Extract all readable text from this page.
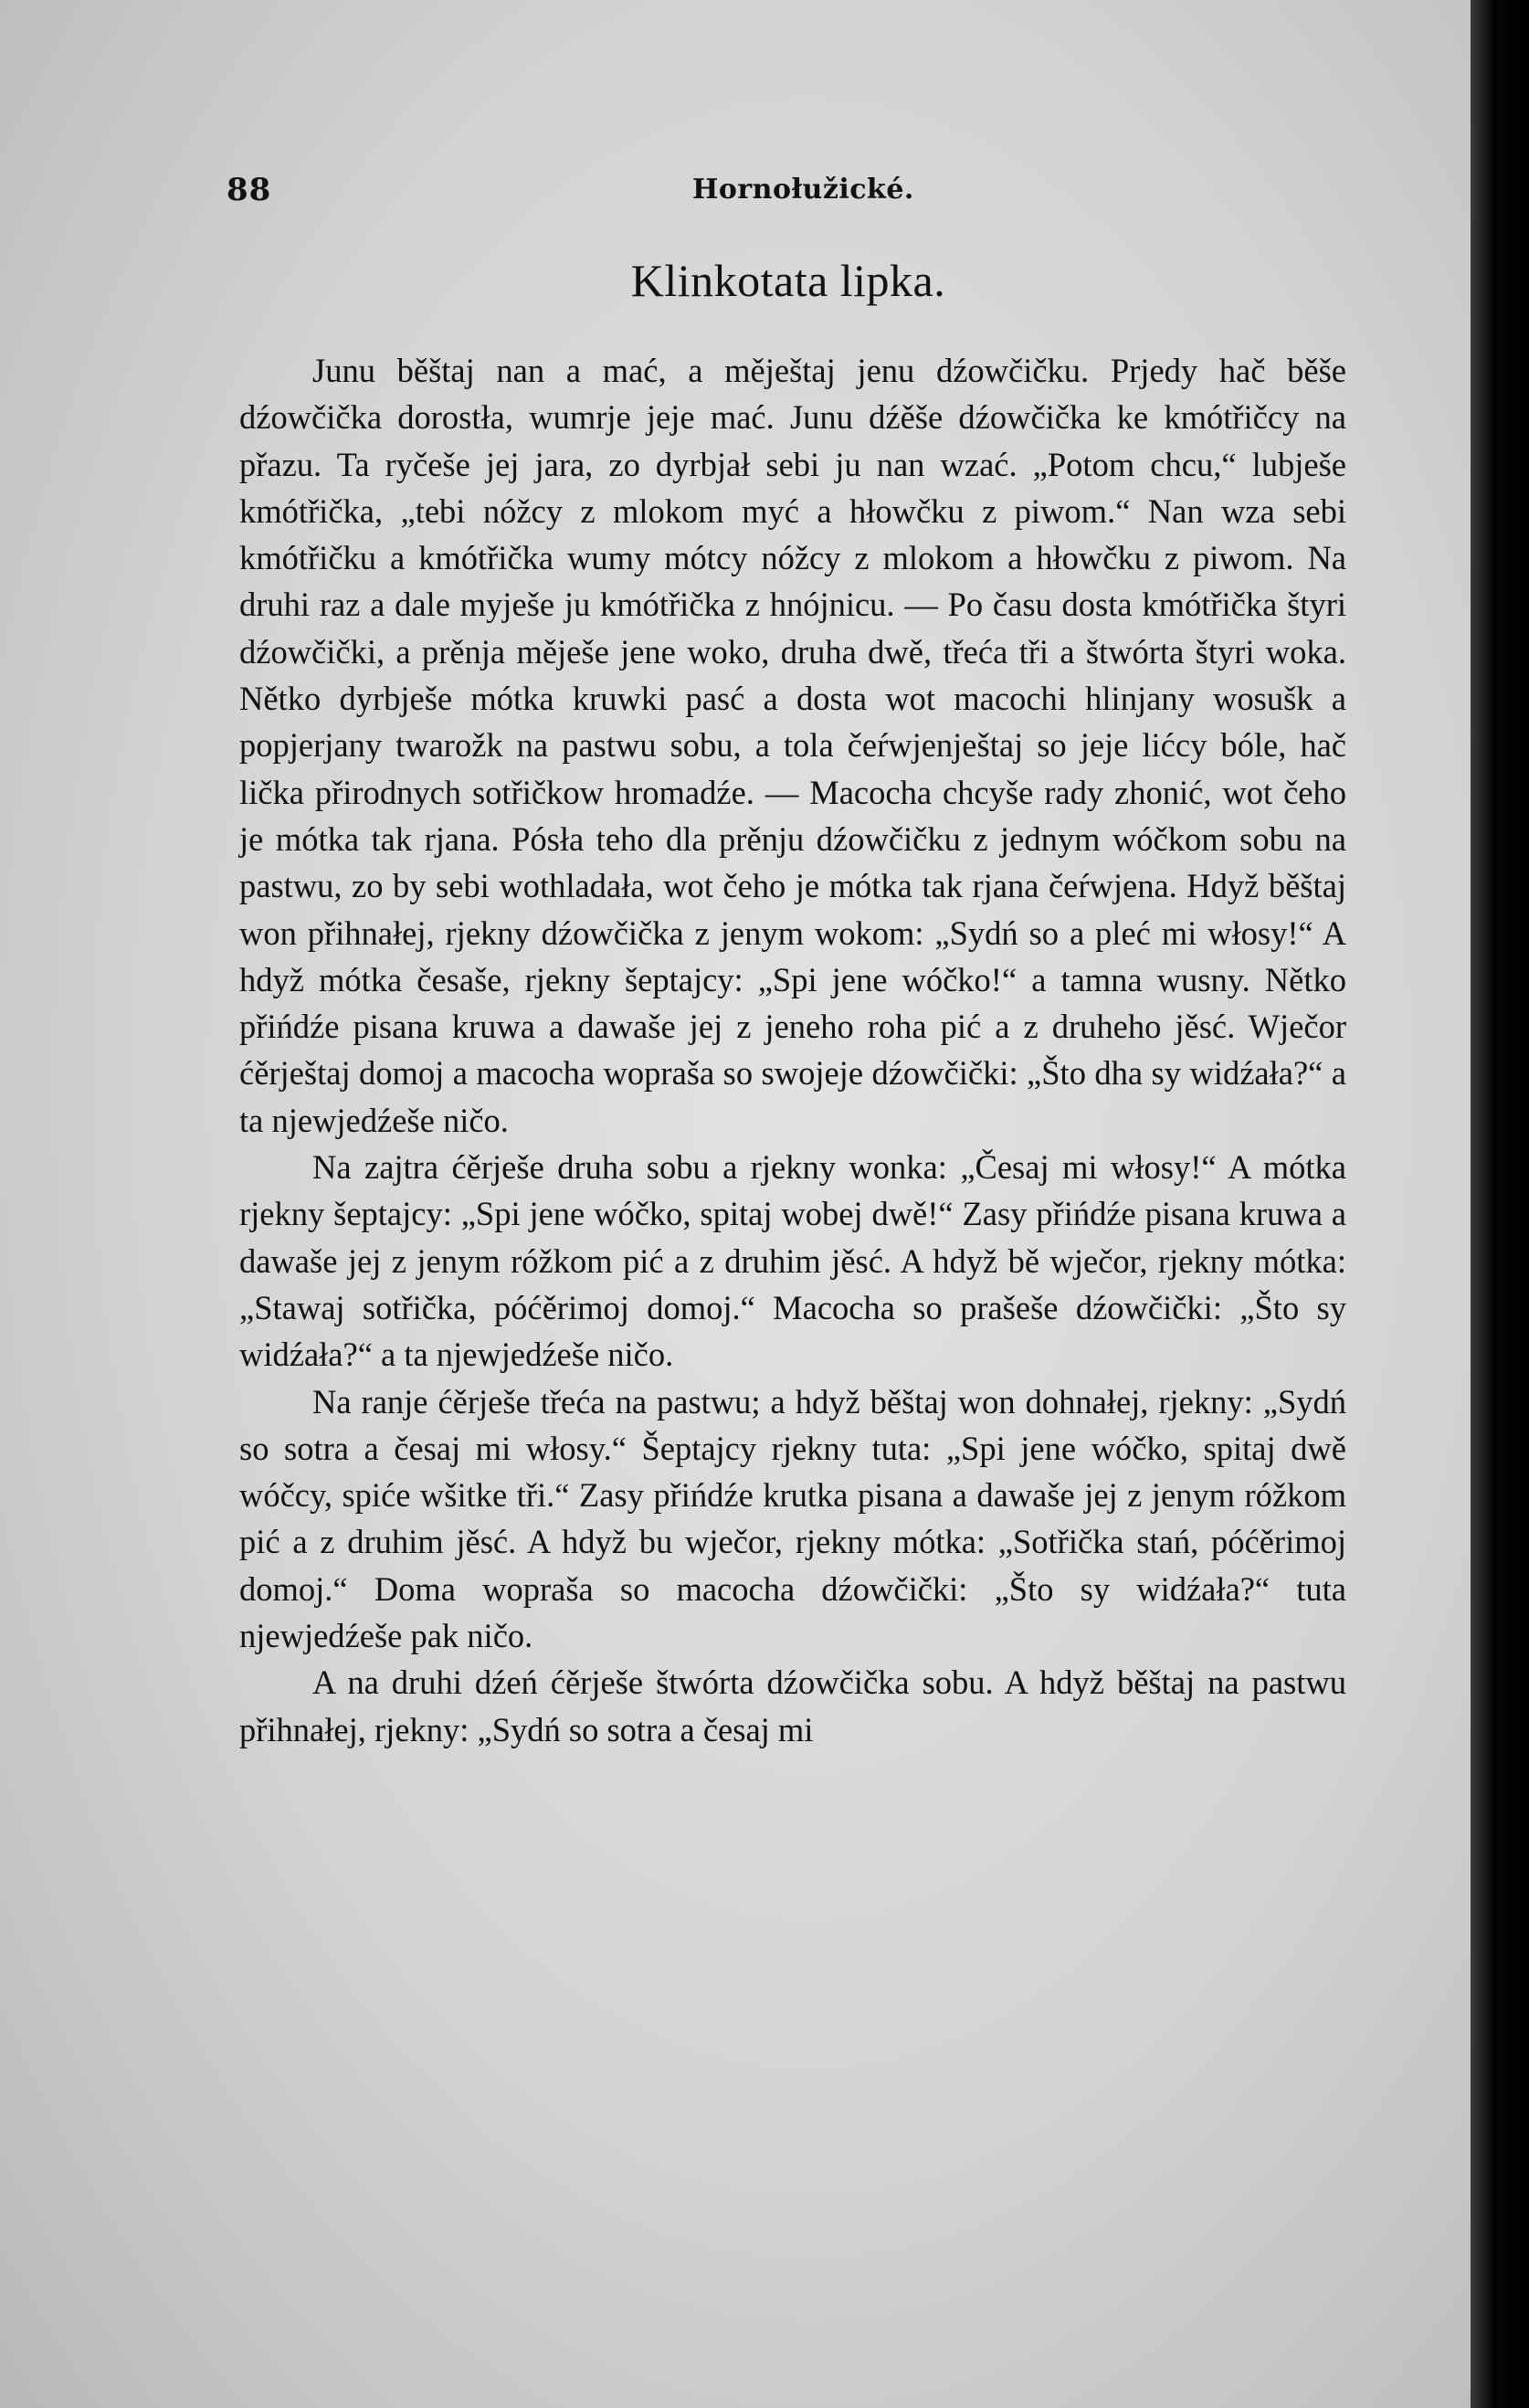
88	Hornołužické.
Klinkotata lipka.

Junu běštaj nan a mać, a měještaj jenu dźowčičku. Prjedy hač běše dźowčička dorostła, wumrje jeje mać. Junu dźěše dźowčička ke kmótřičcy na přazu. Ta ryčeše jej jara, zo dyrbjał sebi ju nan wzać. „Potom chcu,“ lubješe kmótřička, „tebi nóžcy z mlokom myć a hłowčku z piwom.“ Nan wza sebi kmótřičku a kmótřička wumy mótcy nóžcy z mlokom a hłowčku z piwom. Na druhi raz a dale myješe ju kmótřička z hnójnicu. — Po času dosta kmótřička štyri dźowčički, a prěnja měješe jene woko, druha dwě, třeća tři a štwórta štyri woka. Nětko dyrbješe mótka kruwki pasć a dosta wot macochi hlinjany wosušk a popjerjany twarožk na pastwu sobu, a tola čeŕwjenještaj so jeje lićcy bóle, hač lička přirodnych sotřičkow hromadźe. — Macocha chcyše rady zhonić, wot čeho je mótka tak rjana. Pósła teho dla prěnju dźowčičku z jednym wóčkom sobu na pastwu, zo by sebi wothladała, wot čeho je mótka tak rjana čeŕwjena. Hdyž běštaj won přihnałej, rjekny dźowčička z jenym wokom: „Sydń so a pleć mi włosy!“ A hdyž mótka česaše, rjekny šeptajcy: „Spi jene wóčko!“ a tamna wusny. Nětko přińdźe pisana kruwa a dawaše jej z jeneho roha pić a z druheho jěsć. Wječor ćěrještaj domoj a macocha woprašа so swojeje dźowčički: „Što dha sy widźała?“ a ta njewjedźeše ničo.

Na zajtra ćěrješe druha sobu a rjekny wonka: „Česaj mi włosy!“ A mótka rjekny šeptajcy: „Spi jene wóčko, spitaj wobej dwě!“ Zasy přińdźe pisana kruwa a dawaše jej z jenym róžkom pić a z druhim jěsć. A hdyž bě wječor, rjekny mótka: „Stawaj sotřička, póćěrimoj domoj.“ Macocha so prašeše dźowčički: „Što sy widźała?“ a ta njewjedźeše ničo.

Na ranje ćěrješe třeća na pastwu; a hdyž běštaj won dohnałej, rjekny: „Sydń so sotra a česaj mi włosy.“ Šeptajcy rjekny tuta: „Spi jene wóčko, spitaj dwě wóčcy, spiće wšitke tři.“ Zasy přińdźe krutka pisana a dawaše jej z jenym róžkom pić a z druhim jěsć. A hdyž bu wječor, rjekny mótka: „Sotřička stań, póćěrimoj domoj.“ Doma woprašа so macocha dźowčički: „Što sy widźała?“ tuta njewjedźeše pak ničo.

A na druhi dźeń ćěrješe štwórta dźowčička sobu. A hdyž běštaj na pastwu přihnałej, rjekny: „Sydń so sotra a česaj mi
